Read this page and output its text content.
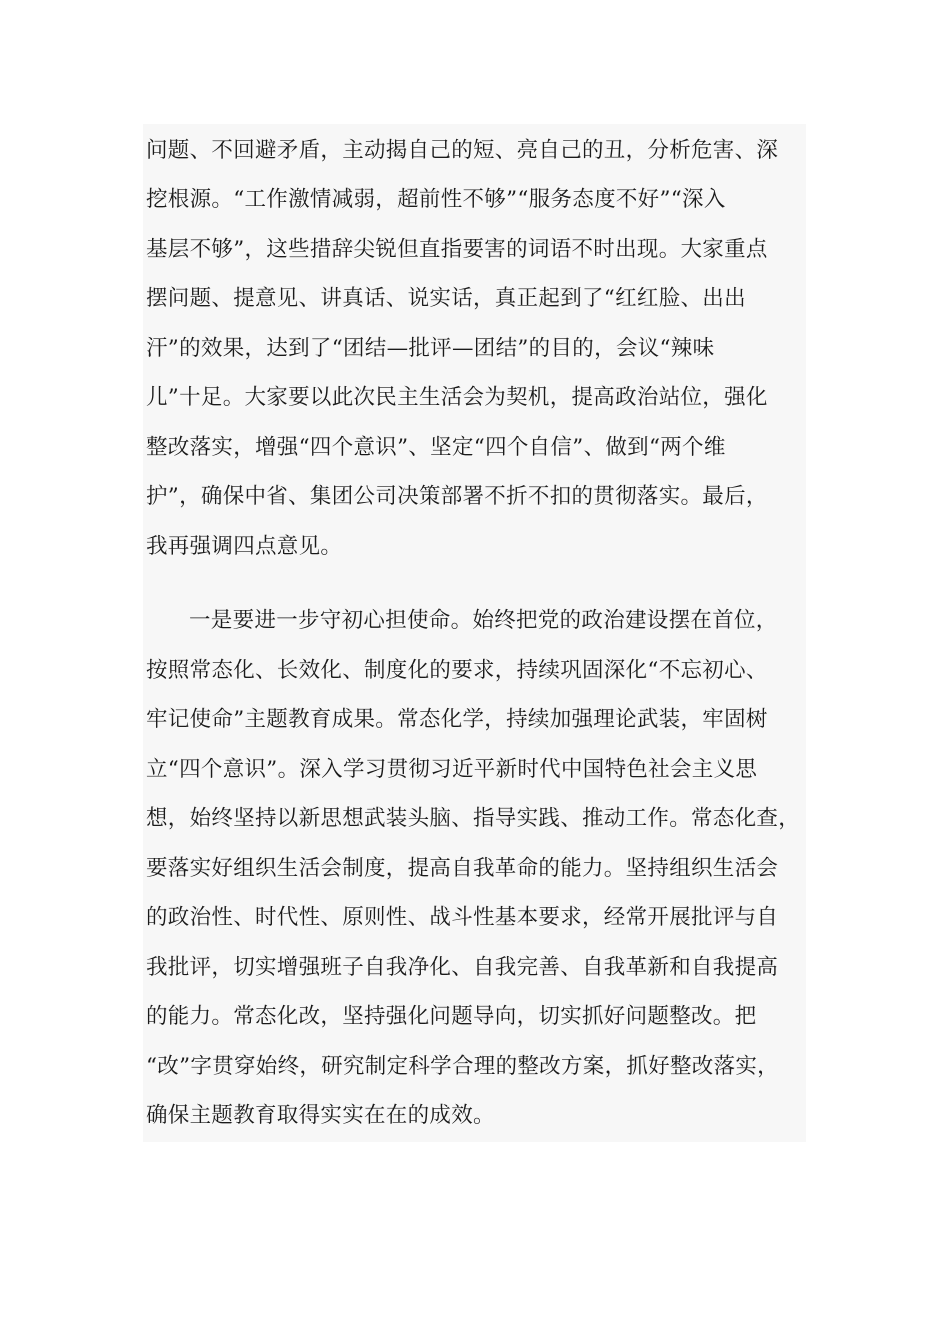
问题、不回避矛盾，主动揭自己的短、亮自己的丑，分析危害、深
挖根源。“工作激情减弱，超前性不够”“服务态度不好”“深入
基层不够”，这些措辞尖锐但直指要害的词语不时出现。大家重点
摆问题、提意见、讲真话、说实话，真正起到了“红红脸、出出
汗”的效果，达到了“团结—批评—团结”的目的，会议“辣味
儿”十足。大家要以此次民主生活会为契机，提高政治站位，强化
整改落实，增强“四个意识”、坚定“四个自信”、做到“两个维
护”，确保中省、集团公司决策部署不折不扣的贯彻落实。最后，
我再强调四点意见。
一是要进一步守初心担使命。始终把党的政治建设摆在首位，
按照常态化、长效化、制度化的要求，持续巩固深化“不忘初心、
牢记使命”主题教育成果。常态化学，持续加强理论武装，牢固树
立“四个意识”。深入学习贯彻习近平新时代中国特色社会主义思
想，始终坚持以新思想武装头脑、指导实践、推动工作。常态化查，
要落实好组织生活会制度，提高自我革命的能力。坚持组织生活会
的政治性、时代性、原则性、战斗性基本要求，经常开展批评与自
我批评，切实增强班子自我净化、自我完善、自我革新和自我提高
的能力。常态化改，坚持强化问题导向，切实抓好问题整改。把
“改”字贯穿始终，研究制定科学合理的整改方案，抓好整改落实，
确保主题教育取得实实在在的成效。
